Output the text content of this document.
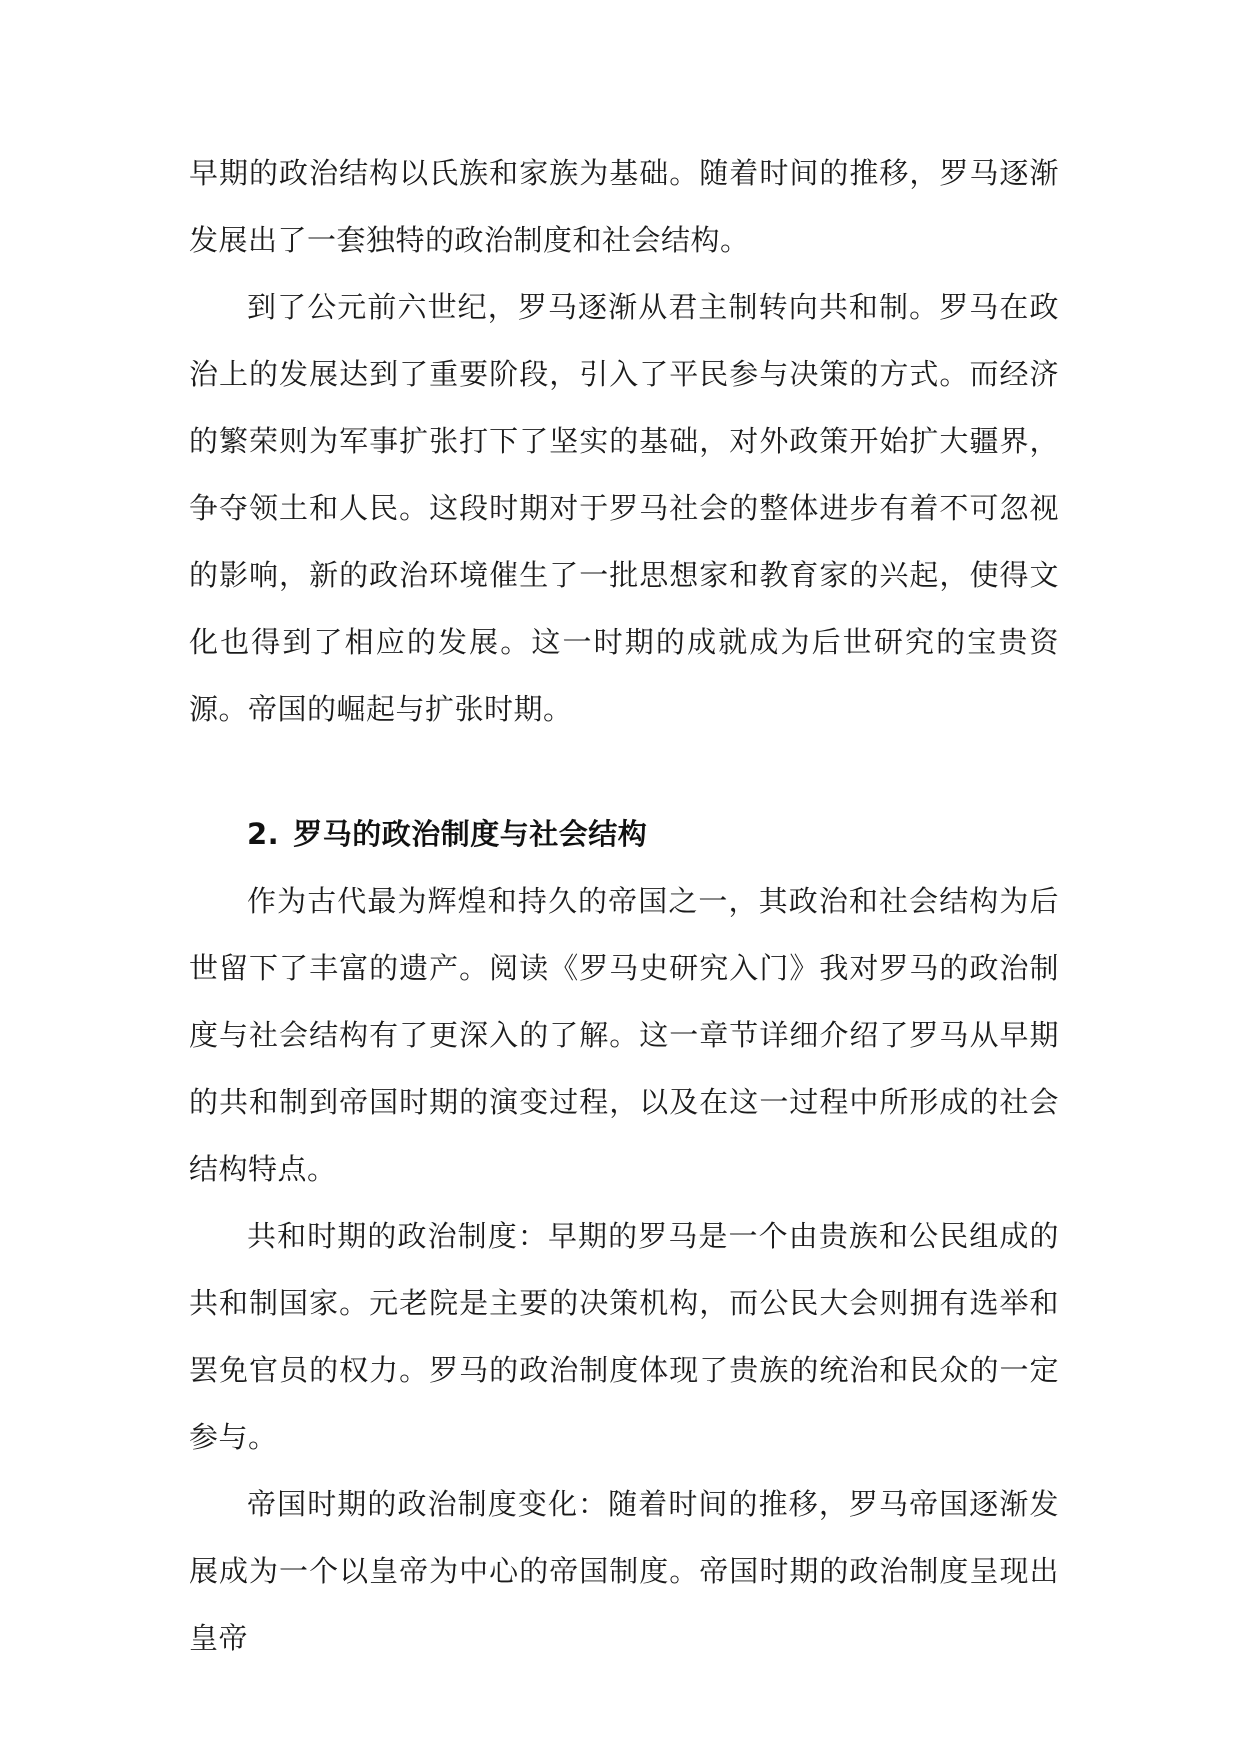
早期的政治结构以氏族和家族为基础。随着时间的推移，罗马逐渐发展出了一套独特的政治制度和社会结构。

到了公元前六世纪，罗马逐渐从君主制转向共和制。罗马在政治上的发展达到了重要阶段，引入了平民参与决策的方式。而经济的繁荣则为军事扩张打下了坚实的基础，对外政策开始扩大疆界，争夺领土和人民。这段时期对于罗马社会的整体进步有着不可忽视的影响，新的政治环境催生了一批思想家和教育家的兴起，使得文化也得到了相应的发展。这一时期的成就成为后世研究的宝贵资源。帝国的崛起与扩张时期。

2. 罗马的政治制度与社会结构

作为古代最为辉煌和持久的帝国之一，其政治和社会结构为后世留下了丰富的遗产。阅读《罗马史研究入门》我对罗马的政治制度与社会结构有了更深入的了解。这一章节详细介绍了罗马从早期的共和制到帝国时期的演变过程，以及在这一过程中所形成的社会结构特点。

共和时期的政治制度：早期的罗马是一个由贵族和公民组成的共和制国家。元老院是主要的决策机构，而公民大会则拥有选举和罢免官员的权力。罗马的政治制度体现了贵族的统治和民众的一定参与。

帝国时期的政治制度变化：随着时间的推移，罗马帝国逐渐发展成为一个以皇帝为中心的帝国制度。帝国时期的政治制度呈现出皇帝
